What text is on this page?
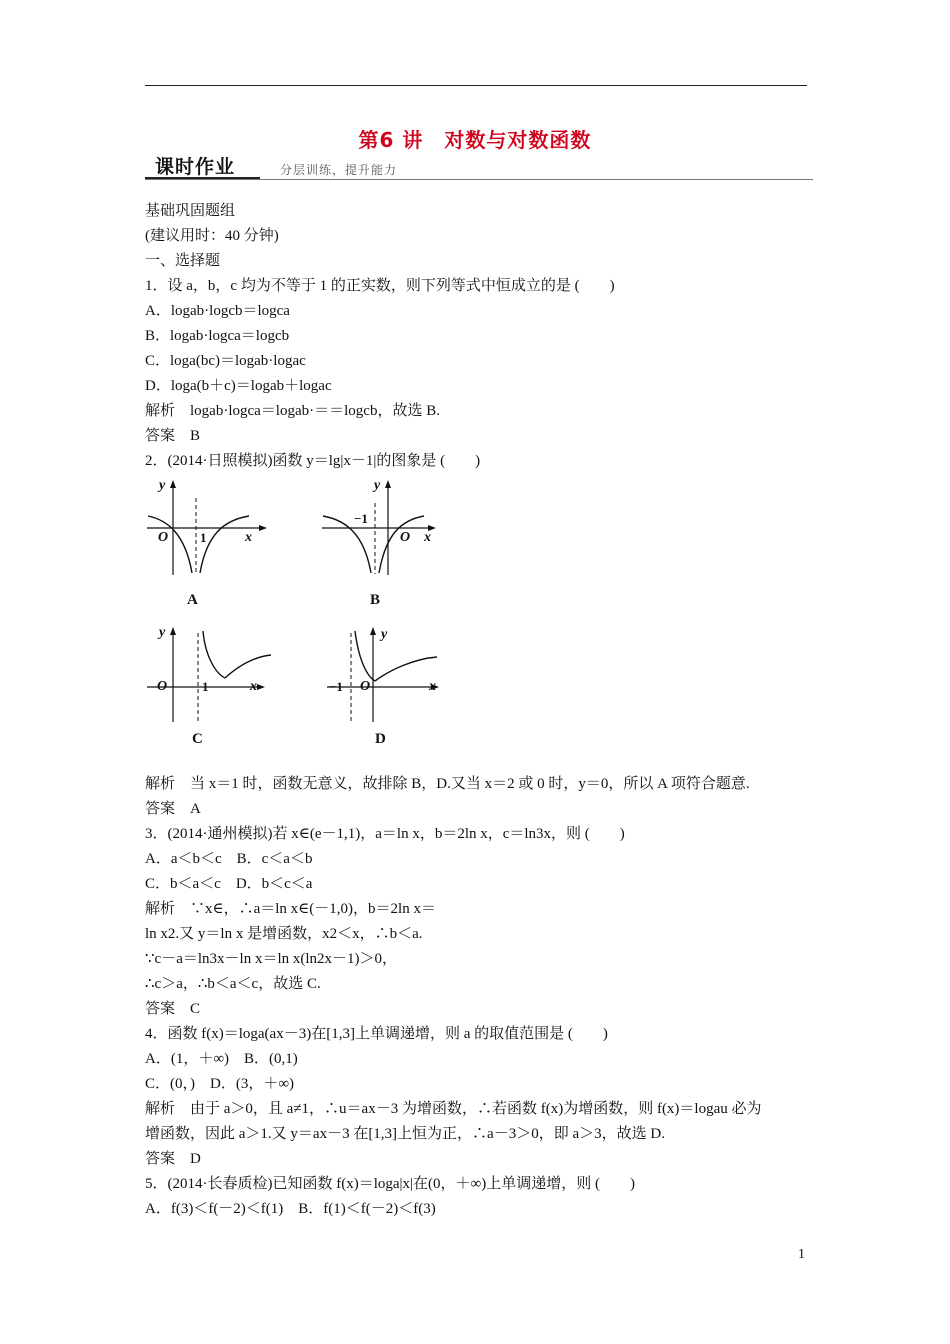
第6 讲　对数与对数函数
课时作业	分层训练，提升能力
基础巩固题组
(建议用时：40 分钟)
一、选择题
1．设 a，b，c 均为不等于 1 的正实数，则下列等式中恒成立的是 (　　)
A．logab·logcb＝logca
B．logab·logca＝logcb
C．loga(bc)＝logab·logac
D．loga(b＋c)＝logab＋logac
解析　logab·logca＝logab·＝＝logcb，故选 B.
答案　B
2．(2014·日照模拟)函数 y＝lg|x－1|的图象是 (　　)
y
x
O 1
A
y
x
O
−1
B
y
x
O	1
C
y
x
O
−1
D
解析　当 x＝1 时，函数无意义，故排除 B，D.又当 x＝2 或 0 时，y＝0，所以 A 项符合题意.
答案　A
3．(2014·通州模拟)若 x∈(e－1,1)，a＝ln x，b＝2ln x，c＝ln3x，则 (　　)
A．a＜b＜c　B．c＜a＜b
C．b＜a＜c　D．b＜c＜a
解析　∵x∈，∴a＝ln x∈(－1,0)，b＝2ln x＝
ln x2.又 y＝ln x 是增函数，x2＜x，∴b＜a.
∵c－a＝ln3x－ln x＝ln x(ln2x－1)＞0，
∴c＞a，∴b＜a＜c，故选 C.
答案　C
4．函数 f(x)＝loga(ax－3)在[1,3]上单调递增，则 a 的取值范围是 (　　)
A．(1，＋∞)　B．(0,1)
C．(0，)　D．(3，＋∞)
解析　由于 a＞0，且 a≠1，∴u＝ax－3 为增函数，∴若函数 f(x)为增函数，则 f(x)＝logau 必为
增函数，因此 a＞1.又 y＝ax－3 在[1,3]上恒为正，∴a－3＞0，即 a＞3，故选 D.
答案　D
5．(2014·长春质检)已知函数 f(x)＝loga|x|在(0，＋∞)上单调递增，则 (　　)
A．f(3)＜f(－2)＜f(1)　B．f(1)＜f(－2)＜f(3)
1
